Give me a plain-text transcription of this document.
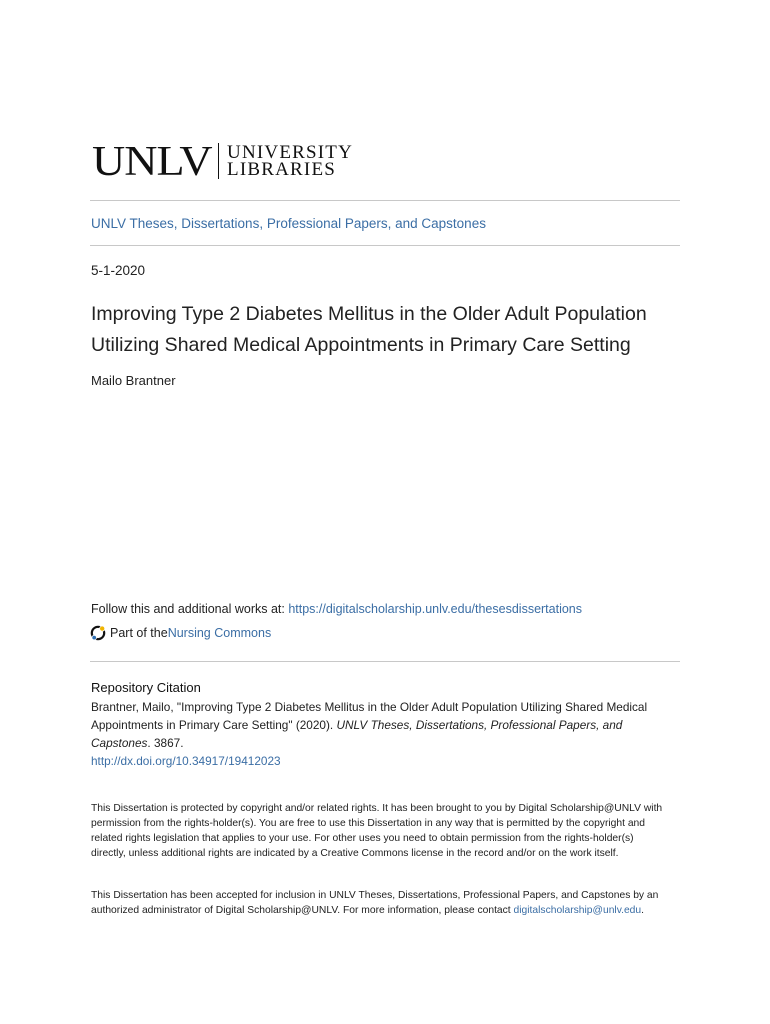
UNLV UNIVERSITY
LIBRARIES
UNLV Theses, Dissertations, Professional Papers, and Capstones
5-1-2020
Improving Type 2 Diabetes Mellitus in the Older Adult Population Utilizing Shared Medical Appointments in Primary Care Setting
Mailo Brantner
Follow this and additional works at: https://digitalscholarship.unlv.edu/thesesdissertations
Part of the Nursing Commons
Repository Citation
Brantner, Mailo, "Improving Type 2 Diabetes Mellitus in the Older Adult Population Utilizing Shared Medical Appointments in Primary Care Setting" (2020). UNLV Theses, Dissertations, Professional Papers, and Capstones. 3867.
http://dx.doi.org/10.34917/19412023
This Dissertation is protected by copyright and/or related rights. It has been brought to you by Digital Scholarship@UNLV with permission from the rights-holder(s). You are free to use this Dissertation in any way that is permitted by the copyright and related rights legislation that applies to your use. For other uses you need to obtain permission from the rights-holder(s) directly, unless additional rights are indicated by a Creative Commons license in the record and/or on the work itself.
This Dissertation has been accepted for inclusion in UNLV Theses, Dissertations, Professional Papers, and Capstones by an authorized administrator of Digital Scholarship@UNLV. For more information, please contact digitalscholarship@unlv.edu.
